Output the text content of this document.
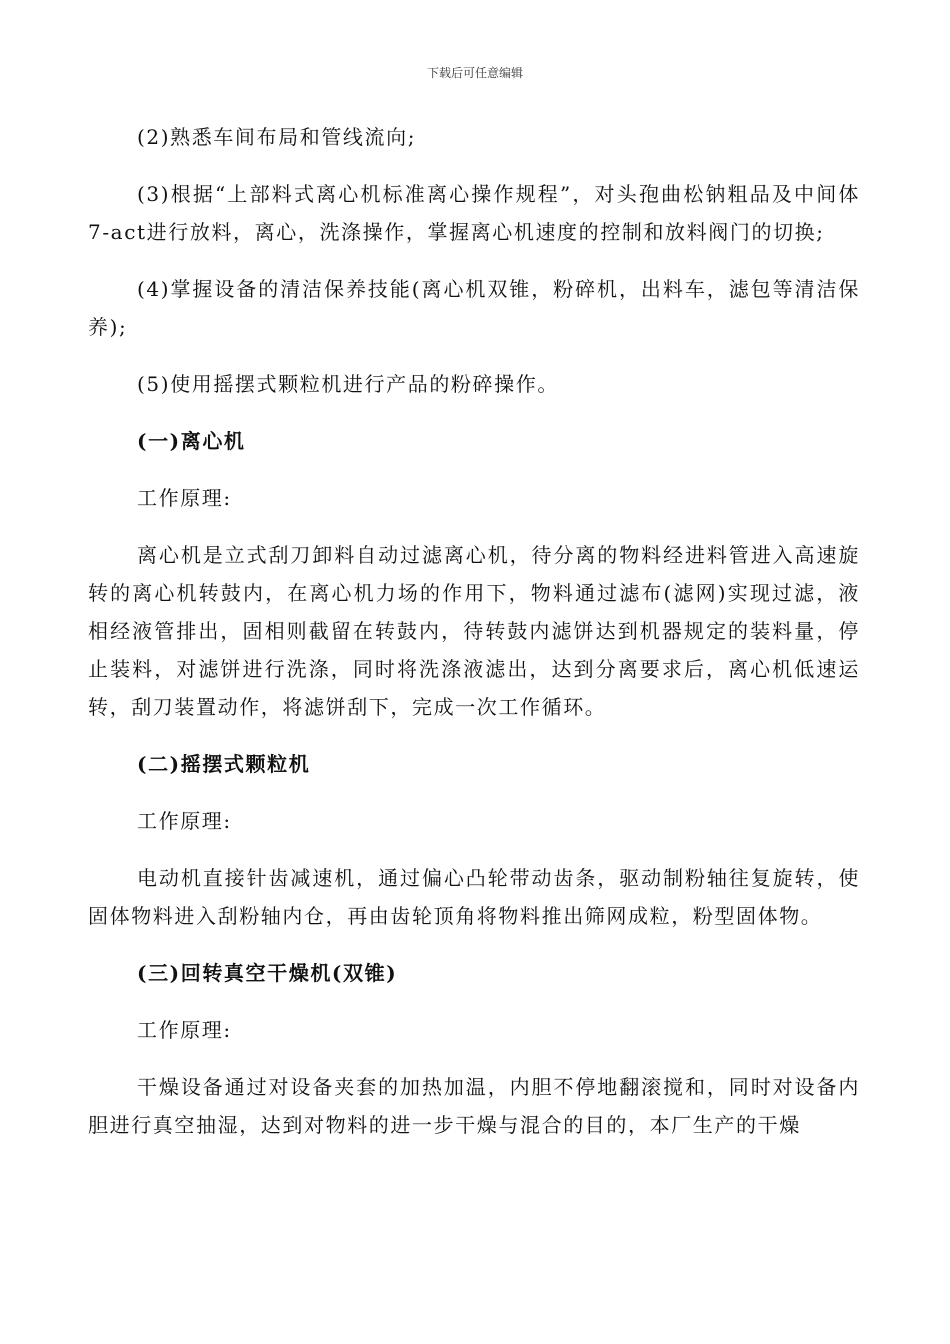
下载后可任意编辑

(2)熟悉车间布局和管线流向;

(3)根据“上部料式离心机标准离心操作规程”，对头孢曲松钠粗品及中间体7-act进行放料，离心，洗涤操作，掌握离心机速度的控制和放料阀门的切换;

(4)掌握设备的清洁保养技能(离心机双锥，粉碎机，出料车，滤包等清洁保养);

(5)使用摇摆式颗粒机进行产品的粉碎操作。

(一)离心机

工作原理:

离心机是立式刮刀卸料自动过滤离心机，待分离的物料经进料管进入高速旋转的离心机转鼓内，在离心机力场的作用下，物料通过滤布(滤网)实现过滤，液相经液管排出，固相则截留在转鼓内，待转鼓内滤饼达到机器规定的装料量，停止装料，对滤饼进行洗涤，同时将洗涤液滤出，达到分离要求后，离心机低速运转，刮刀装置动作，将滤饼刮下，完成一次工作循环。

(二)摇摆式颗粒机

工作原理:

电动机直接针齿减速机，通过偏心凸轮带动齿条，驱动制粉轴往复旋转，使固体物料进入刮粉轴内仓，再由齿轮顶角将物料推出筛网成粒，粉型固体物。

(三)回转真空干燥机(双锥)

工作原理:

干燥设备通过对设备夹套的加热加温，内胆不停地翻滚搅和，同时对设备内胆进行真空抽湿，达到对物料的进一步干燥与混合的目的，本厂生产的干燥
